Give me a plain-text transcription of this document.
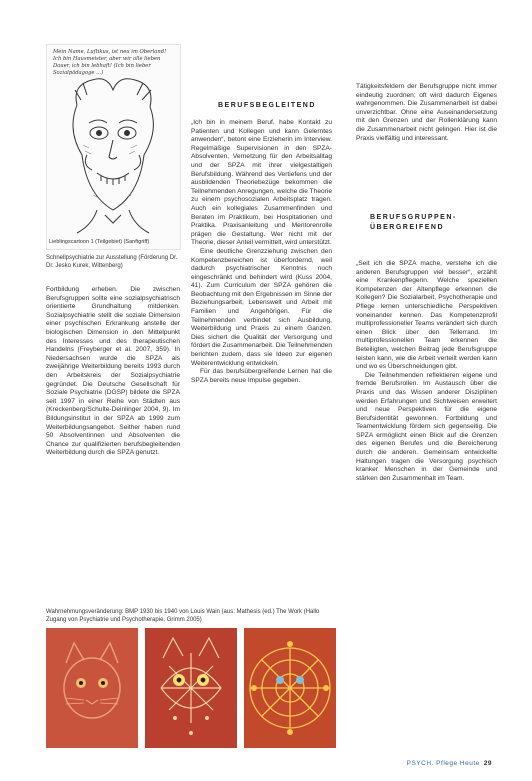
Mein Name, Luftikus, ist neu im Oberland! Ich bin Hausmeister, aber wir alle lieben Dauer, ich bin lebhaft! (Ich bin lieber Sozialpädagoge ...)
Lieblingscartoon 1 (Teilgebiet) (Sanftgriff)
Schnellpsychiatrie zur Ausstellung (Förderung Dr. Dr. Jesko Kurek, Wittenberg)

Fortbildung erheben. Die zwischen Berufsgruppen sollte eine sozialpsychiatrisch orientierte Grundhaltung mitdenken. Sozialpsychiatrie stellt die soziale Dimension einer psychischen Erkrankung anstelle der biologischen Dimension in den Mittelpunkt des Interesses und des therapeutischen Handelns (Freyberger et al. 2007, 359). In Niedersachsen wurde die SPZA als zweijährige Weiterbildung bereits 1993 durch den Arbeitskreis der Sozialpsychiatrie gegründet. Die Deutsche Gesellschaft für Soziale Psychiatrie (DGSP) bildete die SPZA seit 1997 in einer Reihe von Städten aus (Kreckenberg/Schulte-Deinlinger 2004, 9). Im Bildungsinstitut in der SPZA ab 1999 zum Weiterbildungsangebot. Seither haben rund 50 Absolventinnen und Absolventen die Chance zur qualifizierten berufsbegleitenden Weiterbildung durch die SPZA genutzt.

BERUFSBEGLEITEND

„Ich bin in meinem Beruf, habe Kontakt zu Patienten und Kollegen und kann Gelerntes anwenden“, betont eine Erzieherin im Interview. Regelmäßige Supervisionen in den SPZA-Absolventen, Vernetzung für den Arbeitsalltag und der SPZA mit ihrer vielgestaltigen Berufsbildung. Während des Vertiefens und der ausbildenden Theoriebezüge bekommen die Teilnehmenden Anregungen, welche die Theorie zu einem psychosozialen Arbeitsplatz tragen. Auch ein kollegiales Zusammenfinden und Beraten im Praktikum, bei Hospitationen und Praktika. Praxisanleitung und Mentorenrolle prägen die Gestaltung. Wer nicht mit der Theorie, dieser Anteil vermittelt, wird unterstützt.

Eine deutliche Grenzziehung zwischen den Kompetenzbereichen ist überfordernd, weil dadurch psychiatrischer Kenntnis noch eingeschränkt und behindert wird (Kuss 2004, 41). Zum Curriculum der SPZA gehören die Beobachtung mit den Ergebnissen im Sinne der Beziehungsarbeit, Lebenswelt und Arbeit mit Familien und Angehörigen. Für die Teilnehmenden verbindet sich Ausbildung, Weiterbildung und Praxis zu einem Ganzen. Dies sichert die Qualität der Versorgung und fördert die Zusammenarbeit. Die Teilnehmenden berichten zudem, dass sie Ideen zur eigenen Weiterentwicklung entwickeln.

Für das berufsübergreifende Lernen hat die SPZA bereits neue Impulse gegeben.

Tätigkeitsfeldern der Berufsgruppe nicht immer eindeutig zuordnen; oft wird dadurch Eigenes wahrgenommen. Die Zusammenarbeit ist dabei unverzichtbar. Ohne eine Auseinandersetzung mit den Grenzen und der Rollenklärung kann die Zusammenarbeit nicht gelingen. Hier ist die Praxis vielfältig und interessant.

BERUFSGRUPPEN-ÜBERGREIFEND

„Seit ich die SPZA mache, verstehe ich die anderen Berufsgruppen viel besser“, erzählt eine Krankenpflegerin. Welche speziellen Kompetenzen der Altenpflege erkennen die Kollegen? Die Sozialarbeit, Psychotherapie und Pflege lernen unterschiedliche Perspektiven voneinander kennen. Das Kompetenzprofil multiprofessioneller Teams verändert sich durch einen Blick über den Tellerrand. Im multiprofessionellen Team erkennen die Beteiligten, welchen Beitrag jede Berufsgruppe leisten kann, wie die Arbeit verteilt werden kann und wo es Überschneidungen gibt.

Die Teilnehmenden reflektieren eigene und fremde Berufsrollen. Im Austausch über die Praxis und das Wissen anderer Disziplinen werden Erfahrungen und Sichtweisen erweitert und neue Perspektiven für die eigene Berufsidentität gewonnen. Fortbildung und Teamentwicklung fördern sich gegenseitig. Die SPZA ermöglicht einen Blick auf die Grenzen des eigenen Berufes und die Bereicherung durch die anderen. Gemeinsam entwickelte Haltungen tragen die Versorgung psychisch kranker Menschen in der Gemeinde und stärken den Zusammenhalt im Team.

Wahrnehmungsveränderung: BMP 1930 bis 1940 von Louis Wain (aus: Mathesis (ed.) The Work (Hallo Zugang von Psychiatrie und Psychotherapie, Grimm 2005)
PSYCH. Pflege Heute 29
